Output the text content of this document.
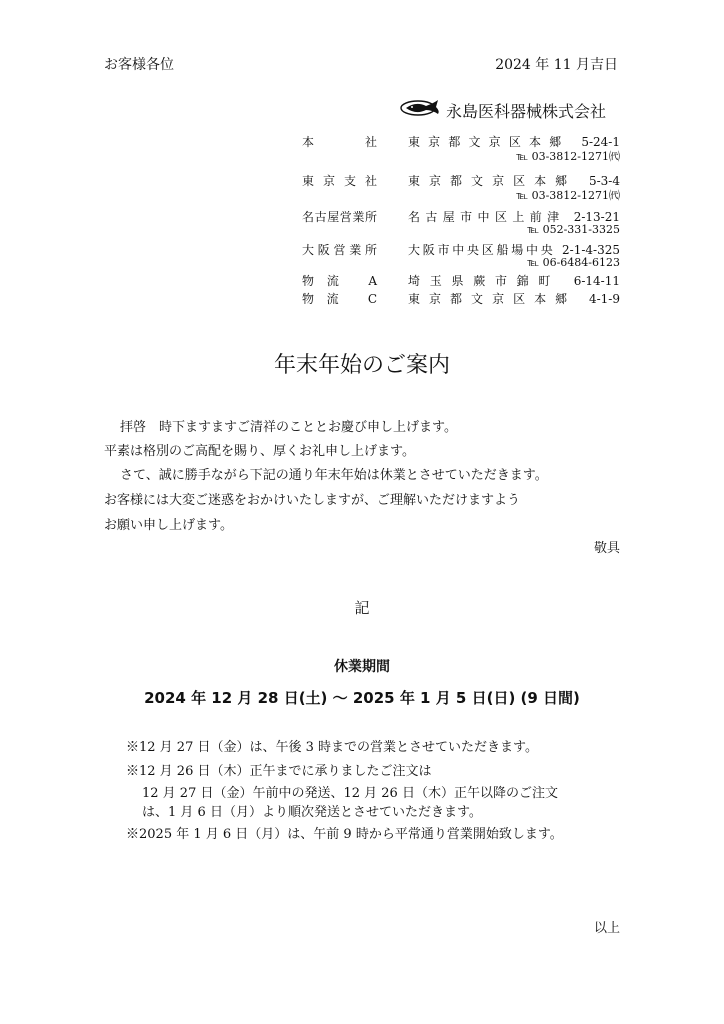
お客様各位	2024 年 11 月吉日
永島医科器械株式会社
本　社	東京都文京区本郷 5-24-1
℡ 03-3812-1271㈹
東京支社	東京都文京区本郷 5-3-4
℡ 03-3812-1271㈹
名古屋営業所	名古屋市中区上前津 2-13-21
℡ 052-331-3325
大阪営業所	大阪市中央区船場中央 2-1-4-325
℡ 06-6484-6123
物流 A	埼玉県蕨市錦町 6-14-11
物流 C	東京都文京区本郷 4-1-9
年末年始のご案内
拝啓　時下ますますご清祥のこととお慶び申し上げます。
平素は格別のご高配を賜り、厚くお礼申し上げます。
さて、誠に勝手ながら下記の通り年末年始は休業とさせていただきます。
お客様には大変ご迷惑をおかけいたしますが、ご理解いただけますよう
お願い申し上げます。
敬具
記
休業期間
2024 年 12 月 28 日(土) ～ 2025 年 1 月 5 日(日) (9 日間)
※12 月 27 日（金）は、午後 3 時までの営業とさせていただきます。
※12 月 26 日（木）正午までに承りましたご注文は
12 月 27 日（金）午前中の発送、12 月 26 日（木）正午以降のご注文
は、1 月 6 日（月）より順次発送とさせていただきます。
※2025 年 1 月 6 日（月）は、午前 9 時から平常通り営業開始致します。
以上
